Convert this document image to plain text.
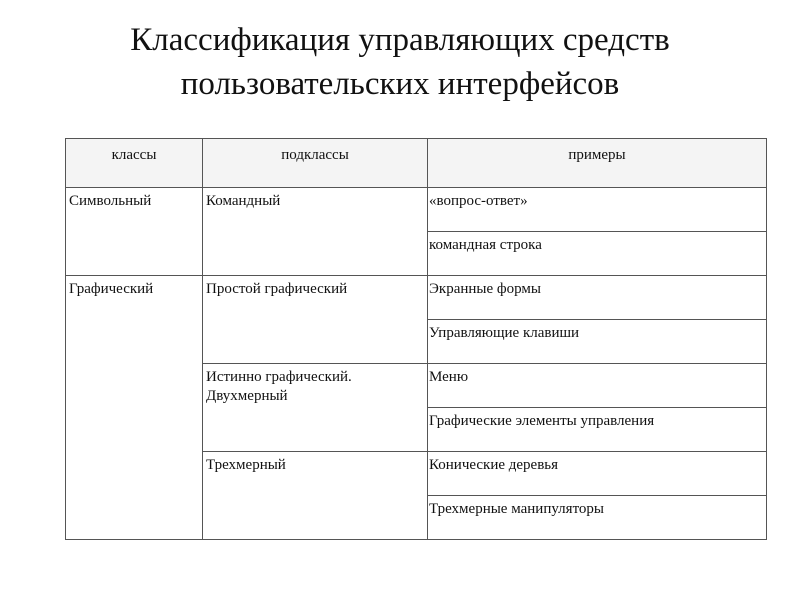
Классификация управляющих средств
пользовательских интерфейсов
классы	подклассы	примеры
Символьный	Командный	«вопрос-ответ»
		командная строка
Графический	Простой графический	Экранные формы
		Управляющие клавиши
	Истинно графический. Двухмерный	Меню
		Графические элементы управления
	Трехмерный	Конические деревья
		Трехмерные манипуляторы
